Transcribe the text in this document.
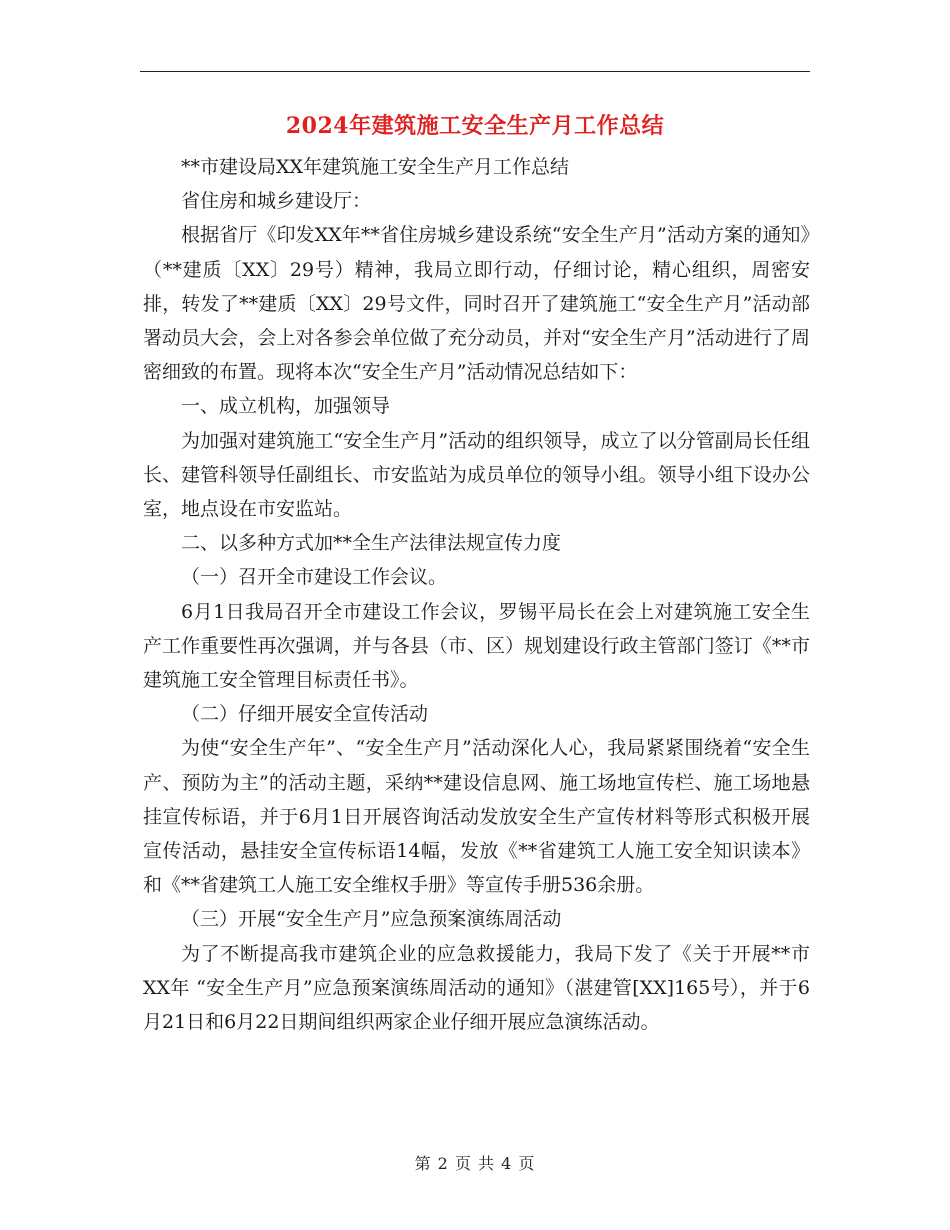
2024年建筑施工安全生产月工作总结

**市建设局XX年建筑施工安全生产月工作总结

省住房和城乡建设厅：

根据省厅《印发XX年**省住房城乡建设系统“安全生产月”活动方案的通知》（**建质〔XX〕29号）精神，我局立即行动，仔细讨论，精心组织，周密安排，转发了**建质〔XX〕29号文件，同时召开了建筑施工“安全生产月”活动部署动员大会，会上对各参会单位做了充分动员，并对“安全生产月”活动进行了周密细致的布置。现将本次“安全生产月”活动情况总结如下：

一、成立机构，加强领导

为加强对建筑施工“安全生产月”活动的组织领导，成立了以分管副局长任组长、建管科领导任副组长、市安监站为成员单位的领导小组。领导小组下设办公室，地点设在市安监站。

二、以多种方式加**全生产法律法规宣传力度

（一）召开全市建设工作会议。

6月1日我局召开全市建设工作会议，罗锡平局长在会上对建筑施工安全生产工作重要性再次强调，并与各县（市、区）规划建设行政主管部门签订《**市建筑施工安全管理目标责任书》。

（二）仔细开展安全宣传活动

为使“安全生产年”、“安全生产月”活动深化人心，我局紧紧围绕着“安全生产、预防为主”的活动主题，采纳**建设信息网、施工场地宣传栏、施工场地悬挂宣传标语，并于6月1日开展咨询活动发放安全生产宣传材料等形式积极开展宣传活动，悬挂安全宣传标语14幅，发放《**省建筑工人施工安全知识读本》和《**省建筑工人施工安全维权手册》等宣传手册536余册。

（三）开展“安全生产月”应急预案演练周活动

为了不断提高我市建筑企业的应急救援能力，我局下发了《关于开展**市XX年 “安全生产月”应急预案演练周活动的通知》（湛建管[XX]165号），并于6月21日和6月22日期间组织两家企业仔细开展应急演练活动。

第 2 页 共 4 页
